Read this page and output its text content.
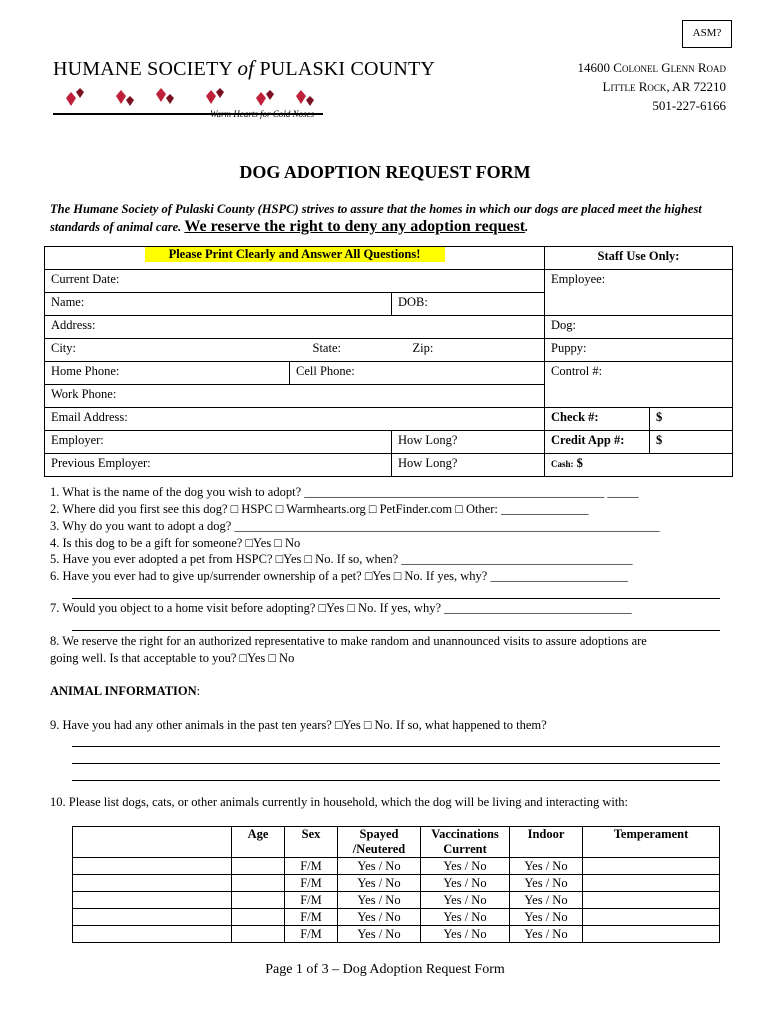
ASM?
HUMANE SOCIETY of PULASKI COUNTY
Warm Hearts for Cold Noses
14600 Colonel Glenn Road
Little Rock, AR 72210
501-227-6166
DOG ADOPTION REQUEST FORM
The Humane Society of Pulaski County (HSPC) strives to assure that the homes in which our dogs are placed meet the highest standards of animal care. We reserve the right to deny any adoption request.
Please Print Clearly and Answer All Questions!			Staff Use Only:	
Current Date:			Employee:	
Name:		DOB:		
Address:			Dog:	
City: State: Zip:			Puppy:	
Home Phone:	Cell Phone:		Control #:	
Work Phone:				
Email Address:			Check #:	$
Employer:		How Long?	Credit App #:	$
Previous Employer:		How Long?	Cash: $	
1. What is the name of the dog you wish to adopt? ________________________________________________ _____
2. Where did you first see this dog? □ HSPC □ Warmhearts.org □ PetFinder.com □ Other: ______________
3. Why do you want to adopt a dog? ____________________________________________________________________
4. Is this dog to be a gift for someone? □Yes □ No
5. Have you ever adopted a pet from HSPC? □Yes □ No. If so, when? _____________________________________
6. Have you ever had to give up/surrender ownership of a pet? □Yes □ No. If yes, why? ______________________
7. Would you object to a home visit before adopting? □Yes □ No. If yes, why? ______________________________
8. We reserve the right for an authorized representative to make random and unannounced visits to assure adoptions are
going well. Is that acceptable to you? □Yes □ No
9. Have you had any other animals in the past ten years? □Yes □ No. If so, what happened to them?
10. Please list dogs, cats, or other animals currently in household, which the dog will be living and interacting with:
ANIMAL INFORMATION:
	Age	Sex	Spayed /Neutered	Vaccinations Current	Indoor	Temperament
		F/M	Yes / No	Yes / No	Yes / No	
		F/M	Yes / No	Yes / No	Yes / No	
		F/M	Yes / No	Yes / No	Yes / No	
		F/M	Yes / No	Yes / No	Yes / No	
		F/M	Yes / No	Yes / No	Yes / No	
Page 1 of 3 – Dog Adoption Request Form
